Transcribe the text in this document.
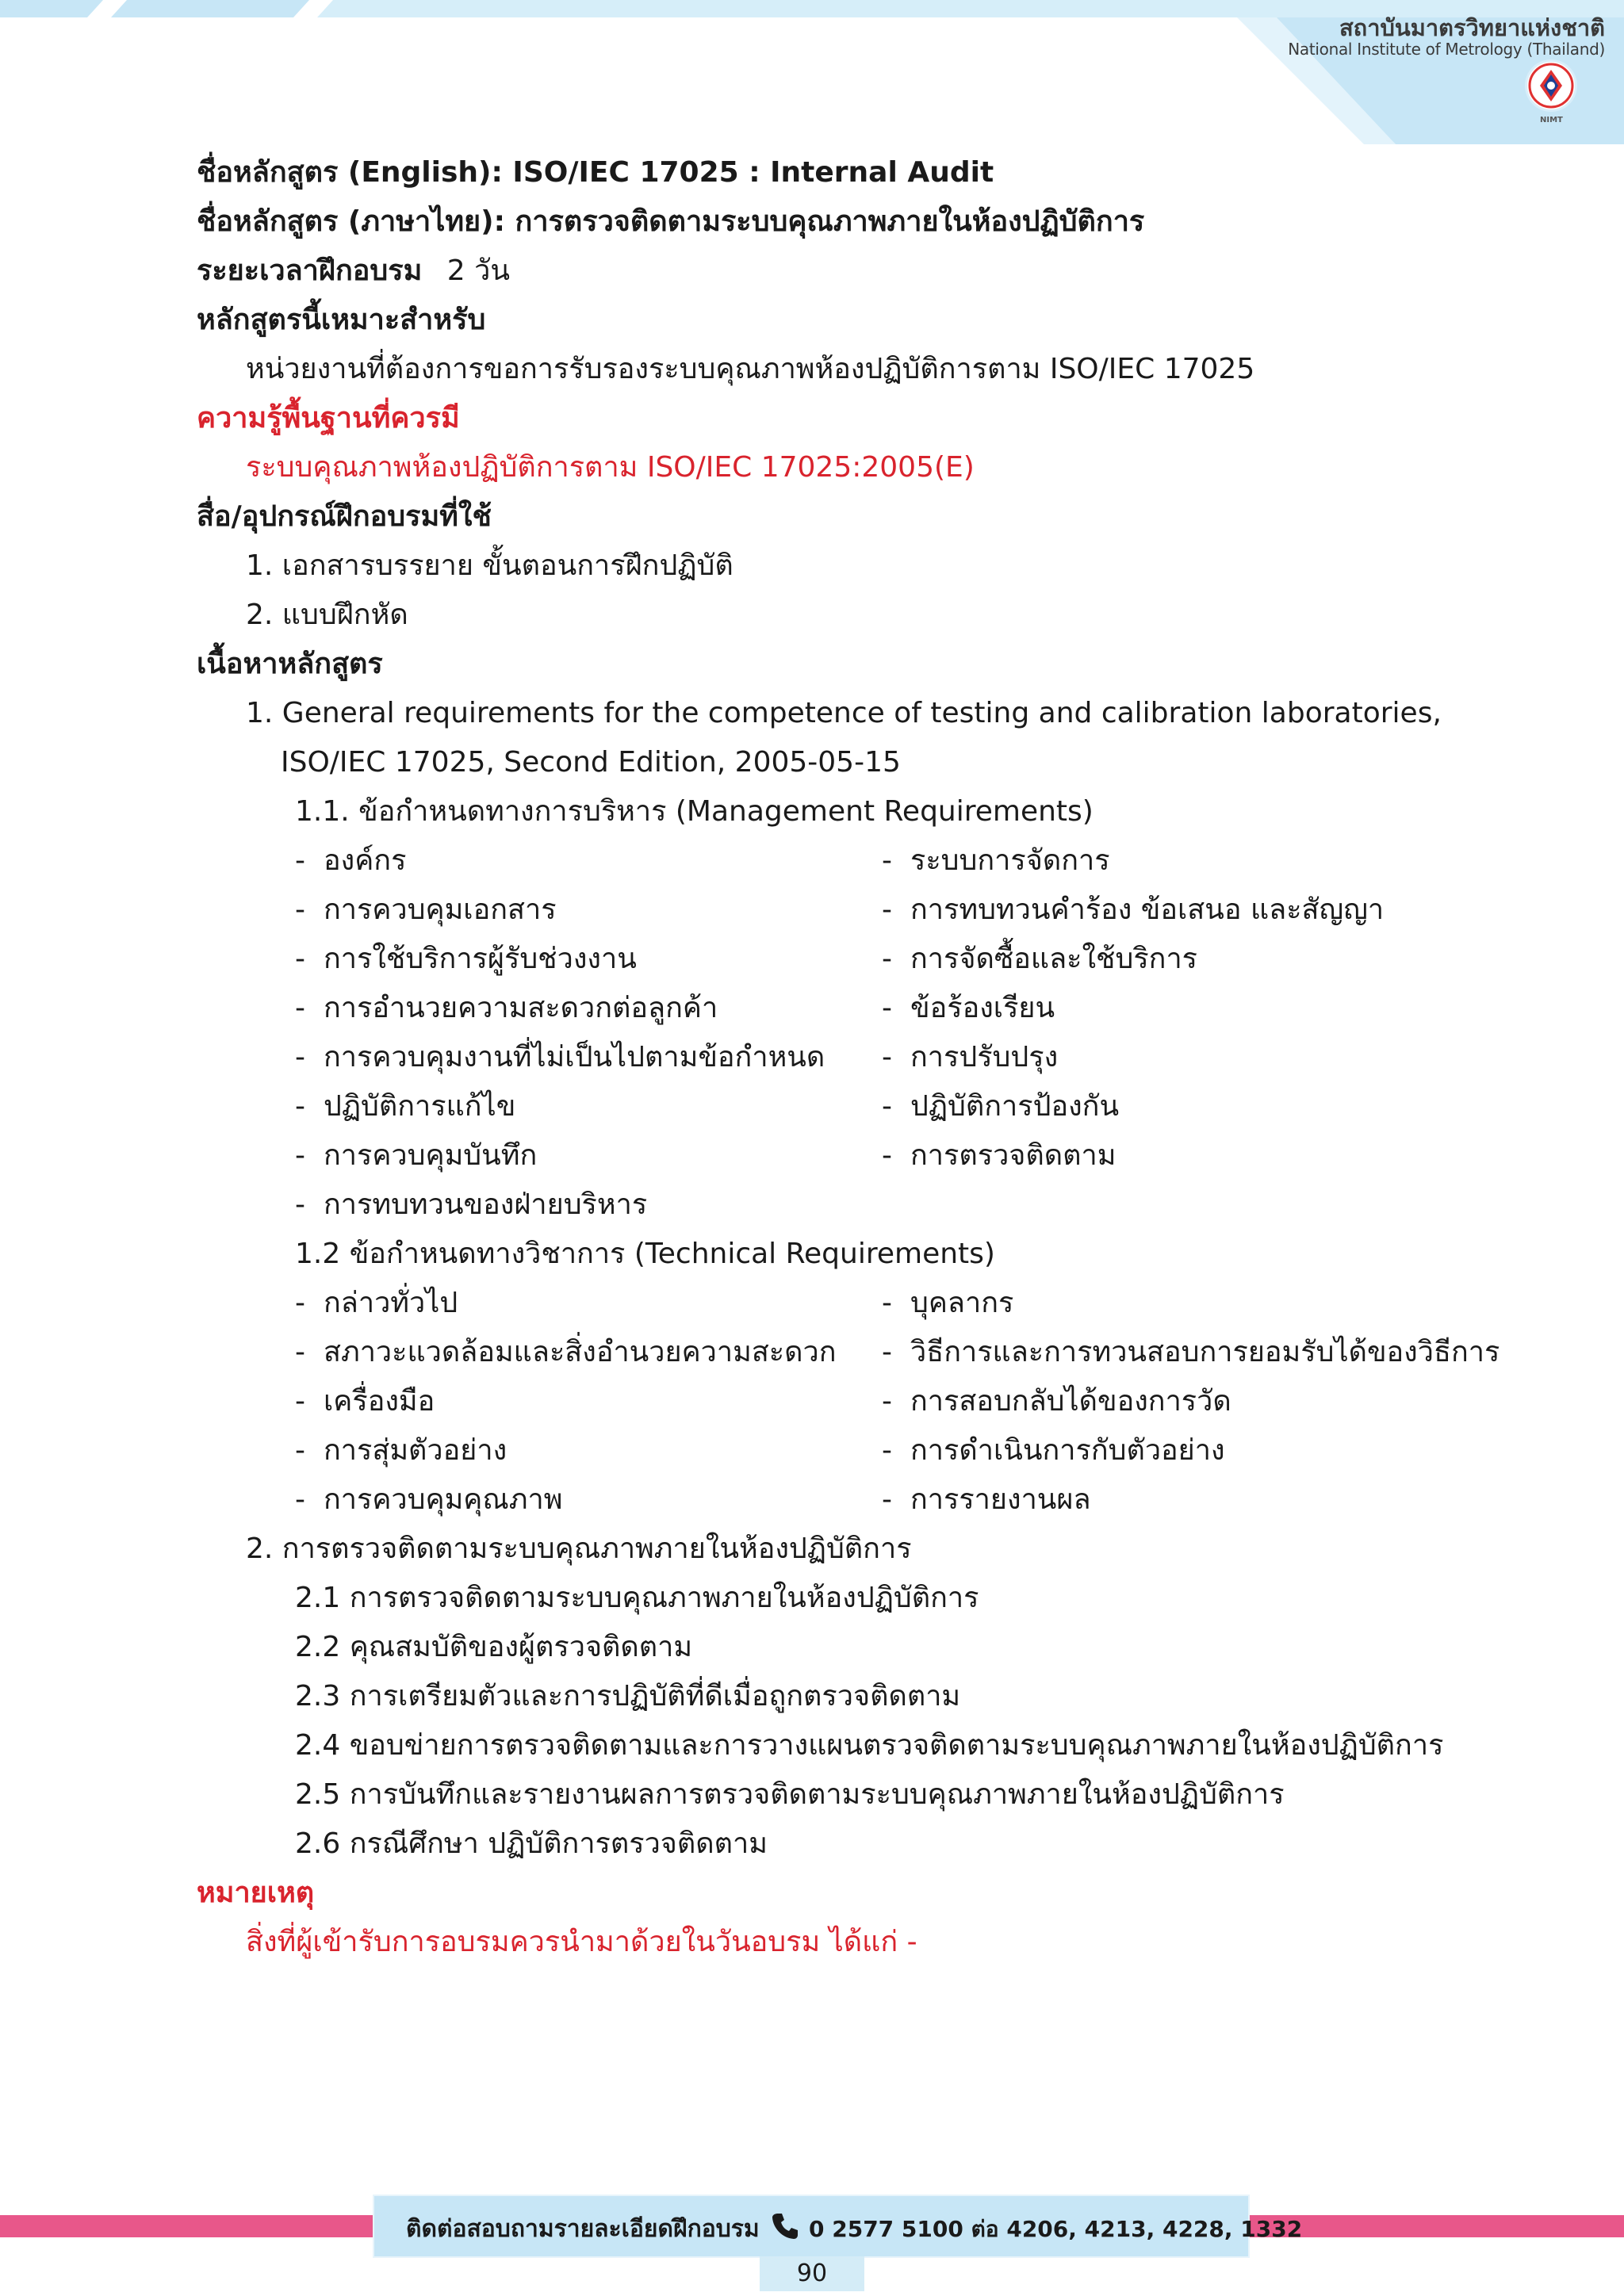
สถาบันมาตรวิทยาแห่งชาติ
National Institute of Metrology (Thailand)
NIMT
ชื่อหลักสูตร (English): ISO/IEC 17025 : Internal Audit
ชื่อหลักสูตร (ภาษาไทย): การตรวจติดตามระบบคุณภาพภายในห้องปฏิบัติการ
ระยะเวลาฝึกอบรม 2 วัน
หลักสูตรนี้เหมาะสำหรับ
หน่วยงานที่ต้องการขอการรับรองระบบคุณภาพห้องปฏิบัติการตาม ISO/IEC 17025
ความรู้พื้นฐานที่ควรมี
ระบบคุณภาพห้องปฏิบัติการตาม ISO/IEC 17025:2005(E)
สื่อ/อุปกรณ์ฝึกอบรมที่ใช้
1. เอกสารบรรยาย ขั้นตอนการฝึกปฏิบัติ
2. แบบฝึกหัด
เนื้อหาหลักสูตร
1. General requirements for the competence of testing and calibration laboratories,
ISO/IEC 17025, Second Edition, 2005-05-15
1.1. ข้อกำหนดทางการบริหาร (Management Requirements)
- องค์กร
- การควบคุมเอกสาร
- การใช้บริการผู้รับช่วงงาน
- การอำนวยความสะดวกต่อลูกค้า
- การควบคุมงานที่ไม่เป็นไปตามข้อกำหนด
- ปฏิบัติการแก้ไข
- การควบคุมบันทึก
- การทบทวนของฝ่ายบริหาร
- ระบบการจัดการ
- การทบทวนคำร้อง ข้อเสนอ และสัญญา
- การจัดซื้อและใช้บริการ
- ข้อร้องเรียน
- การปรับปรุง
- ปฏิบัติการป้องกัน
- การตรวจติดตาม
1.2 ข้อกำหนดทางวิชาการ (Technical Requirements)
- กล่าวทั่วไป
- สภาวะแวดล้อมและสิ่งอำนวยความสะดวก
- เครื่องมือ
- การสุ่มตัวอย่าง
- การควบคุมคุณภาพ
- บุคลากร
- วิธีการและการทวนสอบการยอมรับได้ของวิธีการ
- การสอบกลับได้ของการวัด
- การดำเนินการกับตัวอย่าง
- การรายงานผล
2. การตรวจติดตามระบบคุณภาพภายในห้องปฏิบัติการ
2.1 การตรวจติดตามระบบคุณภาพภายในห้องปฏิบัติการ
2.2 คุณสมบัติของผู้ตรวจติดตาม
2.3 การเตรียมตัวและการปฏิบัติที่ดีเมื่อถูกตรวจติดตาม
2.4 ขอบข่ายการตรวจติดตามและการวางแผนตรวจติดตามระบบคุณภาพภายในห้องปฏิบัติการ
2.5 การบันทึกและรายงานผลการตรวจติดตามระบบคุณภาพภายในห้องปฏิบัติการ
2.6 กรณีศึกษา ปฏิบัติการตรวจติดตาม
หมายเหตุ
สิ่งที่ผู้เข้ารับการอบรมควรนำมาด้วยในวันอบรม ได้แก่ -
ติดต่อสอบถามรายละเอียดฝึกอบรม 0 2577 5100 ต่อ 4206, 4213, 4228, 1332
90
